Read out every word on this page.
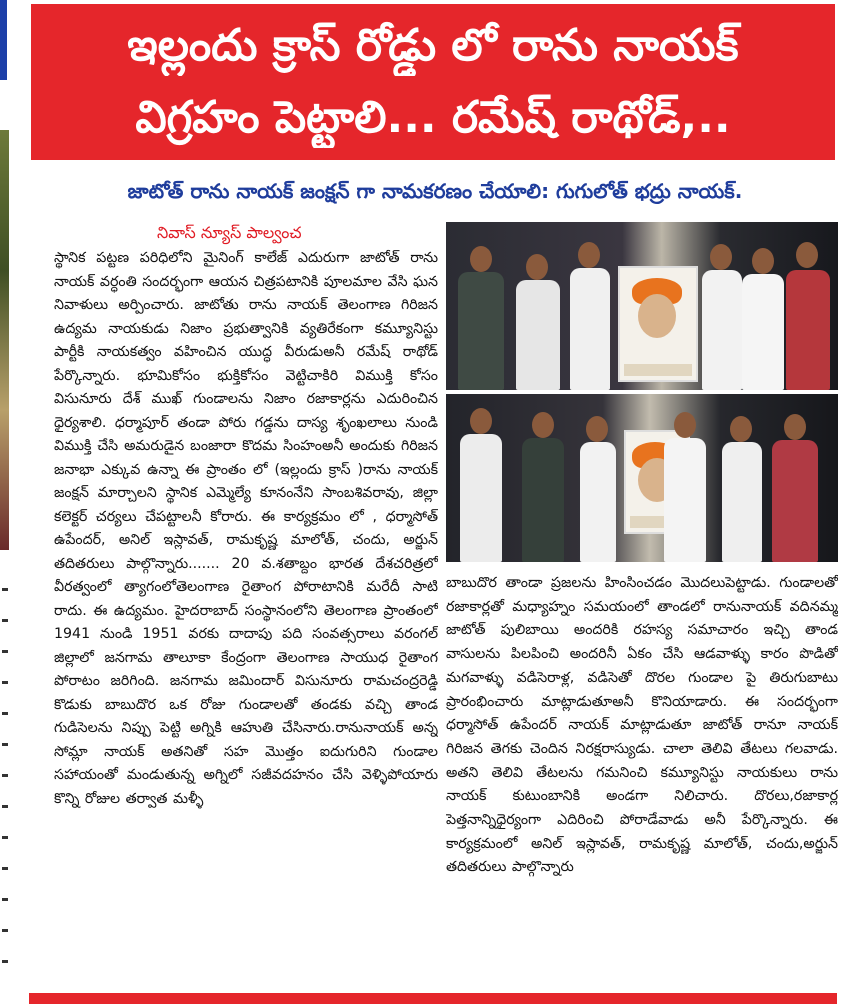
ఇల్లందు క్రాస్ రోడ్డు లో రాను నాయక్
విగ్రహం పెట్టాలి... రమేష్ రాథోడ్,..
జాటోత్ రాను నాయక్ జంక్షన్ గా నామకరణం చేయాలి: గుగులోత్ భద్రు నాయక్.
నివాస్ న్యూస్ పాల్వంచ

స్థానిక పట్టణ పరిధిలోని మైనింగ్ కాలేజ్ ఎదురుగా జాటోత్ రాను నాయక్ వర్ధంతి సందర్భంగా ఆయన చిత్రపటానికి పూలమాల వేసి ఘన నివాళులు అర్పించారు. జాటోతు రాను నాయక్ తెలంగాణ గిరిజన ఉద్యమ నాయకుడు నిజాం ప్రభుత్వానికి వ్యతిరేకంగా కమ్యూనిస్టు పార్టీకి నాయకత్వం వహించిన యుద్ధ వీరుడుఅనీ రమేష్ రాథోడ్ పేర్కొన్నారు. భూమికోసం భుక్తికోసం వెట్టిచాకిరి విముక్తి కోసం విసునూరు దేశ్ ముఖ్ గుండాలను నిజాం రజాకార్లను ఎదురించిన ధైర్యశాలి. ధర్మాపూర్ తండా పోరు గడ్డను దాస్య శృంఖలాలు నుండి విముక్తి చేసి అమరుడైన బంజారా కొదమ సింహంఅనీ అందుకు గిరిజన జనాభా ఎక్కువ ఉన్నా ఈ ప్రాంతం లో (ఇల్లందు క్రాస్ )రాను నాయక్ జంక్షన్ మార్చాలని స్థానిక ఎమ్మెల్యే కూనంనేని సాంబశివరావు, జిల్లా కలెక్టర్ చర్యలు చేపట్టాలనీ కోరారు. ఈ కార్యక్రమం లో , ధర్మాసోత్ ఉపేందర్, అనిల్ ఇస్లావత్, రామకృష్ణ మాలోత్, చందు, అర్జున్ తదితరులు పాల్గొన్నారు....... 20 వ.శతాబ్దం భారత దేశచరిత్రలో వీరత్వంలో త్యాగంలోతెలంగాణ రైతాంగ పోరాటానికి మరేదీ సాటి రాదు. ఈ ఉద్యమం. హైదరాబాద్ సంస్థానంలోని తెలంగాణ ప్రాంతంలో 1941 నుండి 1951 వరకు దాదాపు పది సంవత్సరాలు వరంగల్ జిల్లాలో జనగామ తాలూకా కేంద్రంగా తెలంగాణ సాయుధ రైతాంగ పోరాటం జరిగింది. జనగామ జమిందార్ విసునూరు రామచంద్రరెడ్డి కొడుకు బాబుదొర ఒక రోజు గుండాలతో తండకు వచ్చి తాండ గుడిసెలను నిప్పు పెట్టి అగ్నికి ఆహుతి చేసినారు.రానునాయక్ అన్న సోమ్లా నాయక్ అతనితో సహ మొత్తం ఐదుగురిని గుండాల సహాయంతో మండుతున్న అగ్నిలో సజీవదహనం చేసి వెళ్ళిపోయారు కొన్ని రోజుల తర్వాత మళ్ళీ

బాబుదొర తాండా ప్రజలను హింసించడం మొదలుపెట్టాడు. గుండాలతో రజాకార్లతో మధ్యాహ్నం సమయంలో తాండలో రానునాయక్ వదినమ్మ జాటోత్ పులిబాయి అందరికి రహస్య సమాచారం ఇచ్చి తాండ వాసులను పిలపించి అందరినీ ఏకం చేసి ఆడవాళ్ళు కారం పొడితో మగవాళ్ళు వడిసెరాళ్ల, వడిసెతో దొరల గుండాల పై తిరుగుబాటు ప్రారంభించారు మాట్లాడుతూఅనీ కొనియాడారు. ఈ సందర్భంగా ధర్మాసోత్ ఉపేందర్ నాయక్ మాట్లాడుతూ జాటోత్ రానూ నాయక్ గిరిజన తెగకు చెందిన నిరక్షరాస్యుడు. చాలా తెలివి తేటలు గలవాడు. అతని తెలివి తేటలను గమనించి కమ్యూనిస్టు నాయకులు రాను నాయక్ కుటుంబానికి అండగా నిలిచారు. దొరలు,రజాకార్ల పెత్తనాన్నిధైర్యంగా ఎదిరించి పోరాడేవాడు అనీ పేర్కొన్నారు. ఈ కార్యక్రమంలో అనిల్ ఇస్లావత్, రామకృష్ణ మాలోత్, చందు,అర్జున్ తదితరులు పాల్గొన్నారు
